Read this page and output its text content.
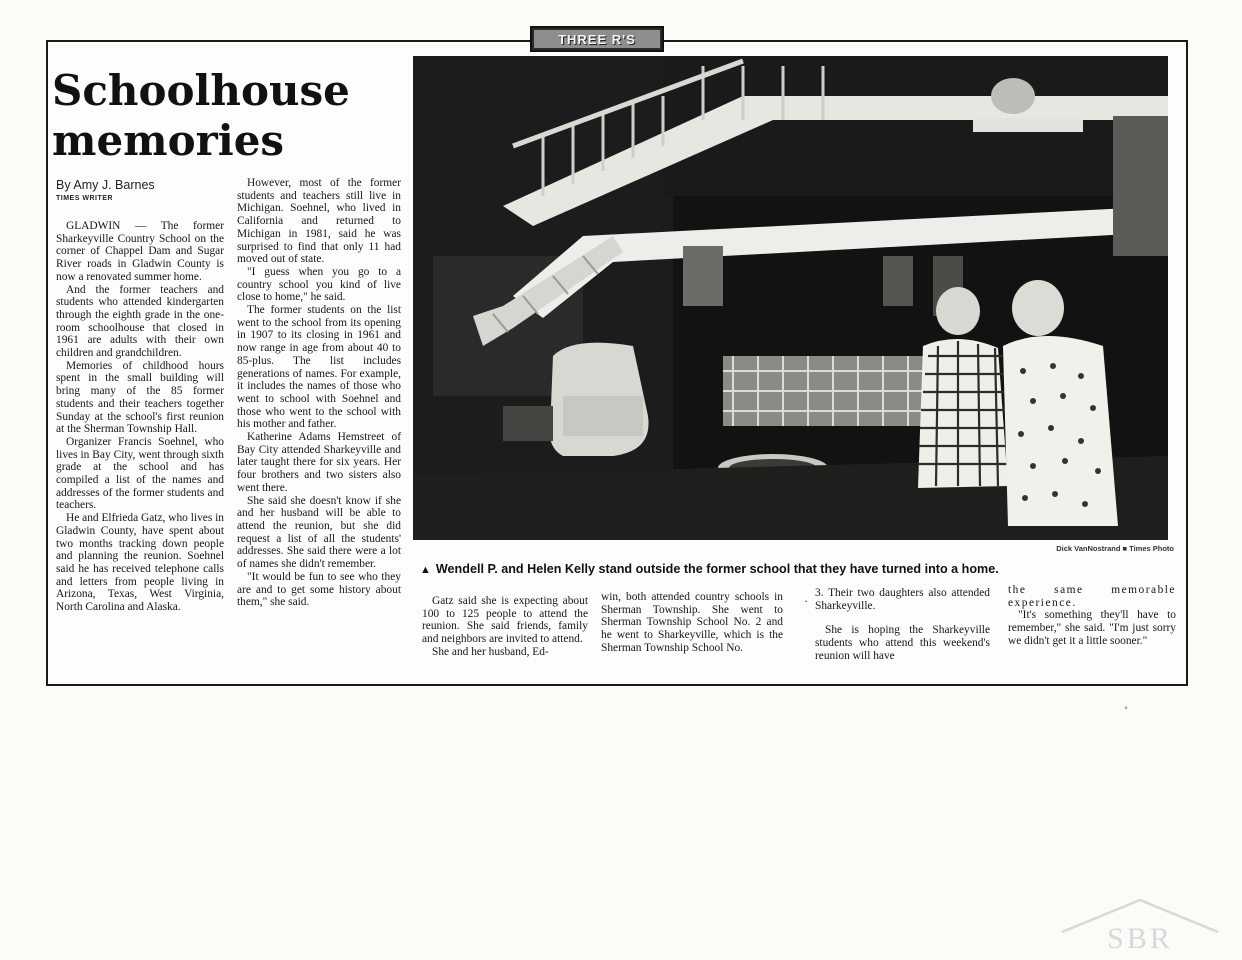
THREE R'S
Schoolhouse
memories
By Amy J. Barnes
TIMES WRITER

GLADWIN — The former Sharkeyville Country School on the corner of Chappel Dam and Sugar River roads in Gladwin County is now a renovated summer home.

And the former teachers and students who attended kindergarten through the eighth grade in the one-room schoolhouse that closed in 1961 are adults with their own children and grandchildren.

Memories of childhood hours spent in the small building will bring many of the 85 former students and their teachers together Sunday at the school's first reunion at the Sherman Township Hall.

Organizer Francis Soehnel, who lives in Bay City, went through sixth grade at the school and has compiled a list of the names and addresses of the former students and teachers.

He and Elfrieda Gatz, who lives in Gladwin County, have spent about two months tracking down people and planning the reunion. Soehnel said he has received telephone calls and letters from people living in Arizona, Texas, West Virginia, North Carolina and Alaska.

However, most of the former students and teachers still live in Michigan. Soehnel, who lived in California and returned to Michigan in 1981, said he was surprised to find that only 11 had moved out of state.

"I guess when you go to a country school you kind of live close to home," he said.

The former students on the list went to the school from its opening in 1907 to its closing in 1961 and now range in age from about 40 to 85-plus. The list includes generations of names. For example, it includes the names of those who went to school with Soehnel and those who went to the school with his mother and father.

Katherine Adams Hemstreet of Bay City attended Sharkeyville and later taught there for six years. Her four brothers and two sisters also went there.

She said she doesn't know if she and her husband will be able to attend the reunion, but she did request a list of all the students' addresses. She said there were a lot of names she didn't remember.

"It would be fun to see who they are and to get some history about them," she said.

Dick VanNostrand ■ Times Photo
▲ Wendell P. and Helen Kelly stand outside the former school that they have turned into a home.

Gatz said she is expecting about 100 to 125 people to attend the reunion. She said friends, family and neighbors are invited to attend.

She and her husband, Ed-

win, both attended country schools in Sherman Township. She went to Sherman Township School No. 2 and he went to Sharkeyville, which is the Sherman Township School No.

·

3. Their two daughters also attended Sharkeyville.

She is hoping the Sharkeyville students who attend this weekend's reunion will have

the same memorable experience.

"It's something they'll have to remember," she said. "I'm just sorry we didn't get it a little sooner."

˚
SBR
